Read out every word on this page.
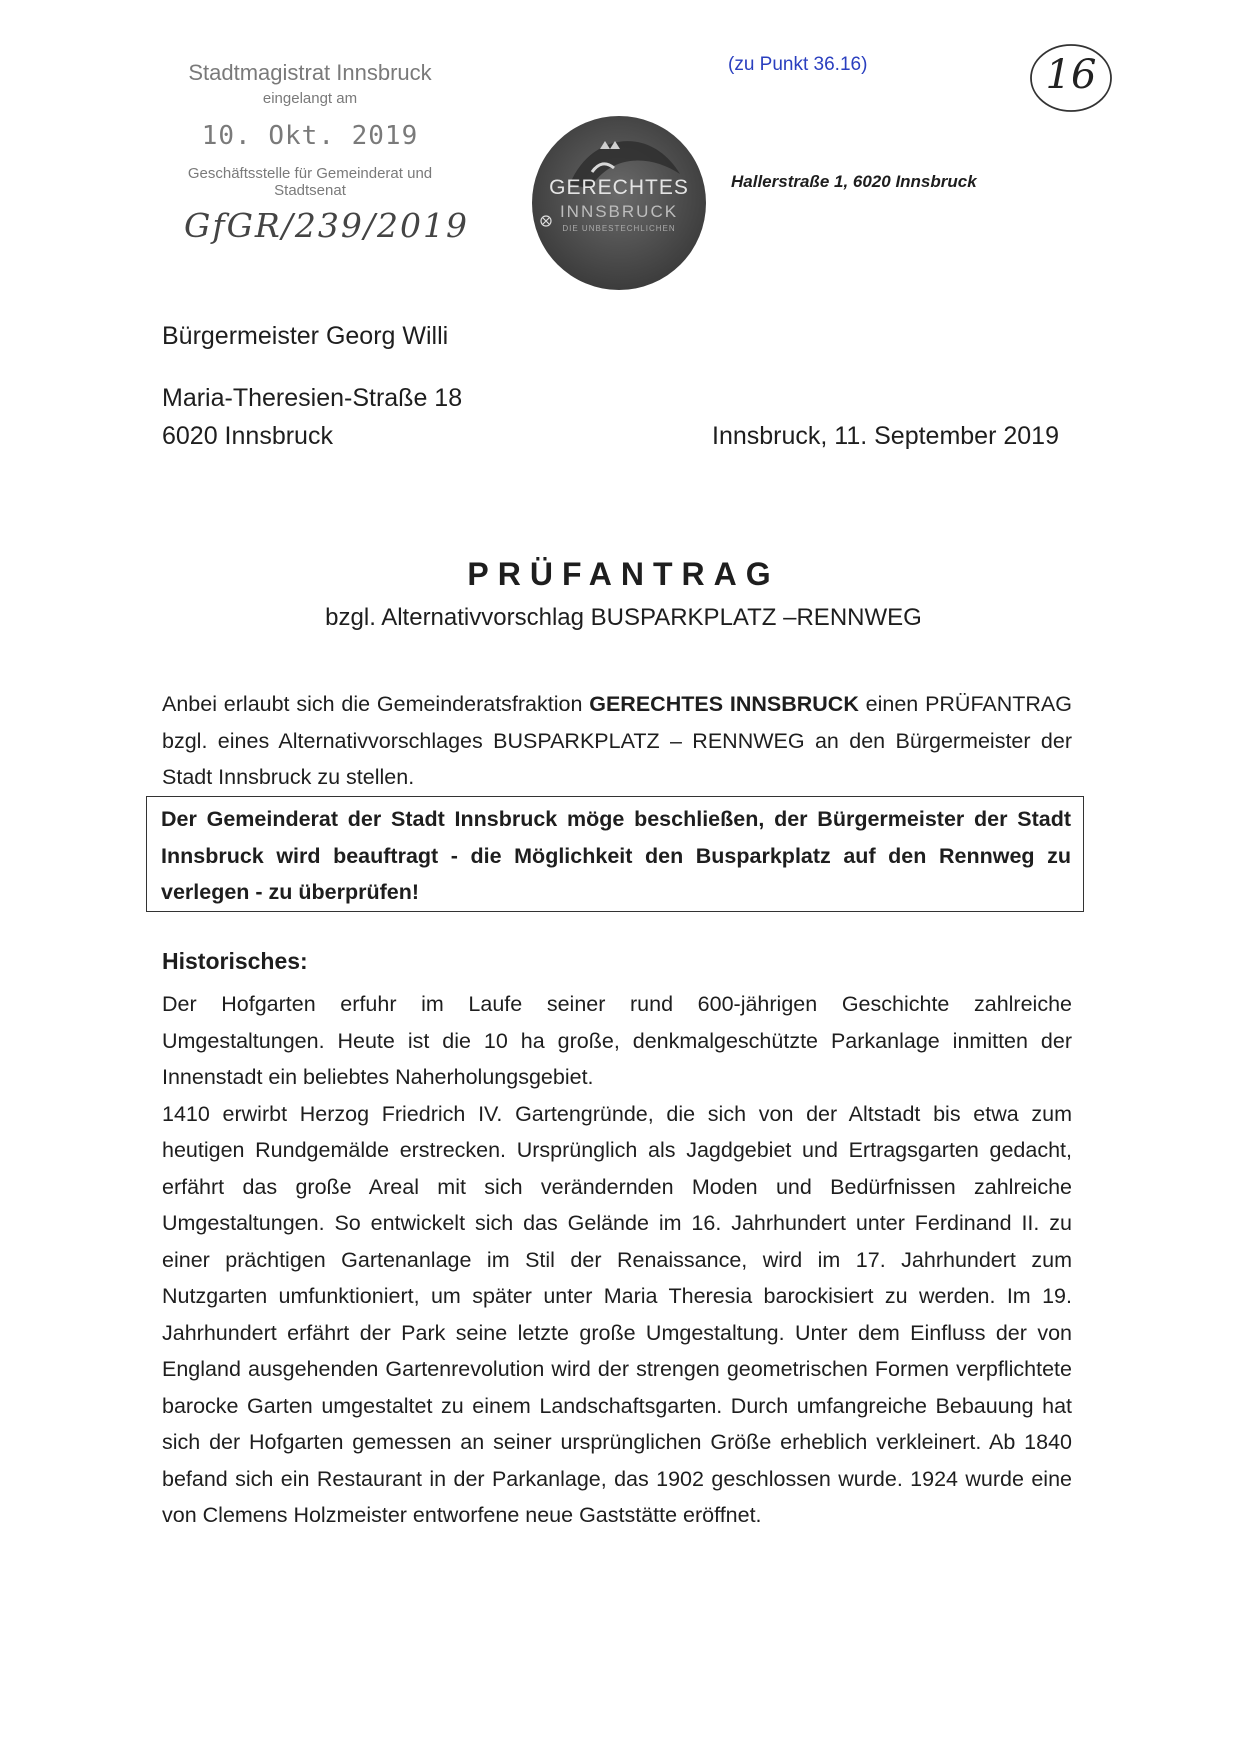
Stadtmagistrat Innsbruck
eingelangt am
10. Okt. 2019
Geschäftsstelle für Gemeinderat und Stadtsenat
GfGR/239/2019
(zu Punkt 36.16)	16
GERECHTES
INNSBRUCK
DIE UNBESTECHLICHEN
Hallerstraße 1, 6020 Innsbruck
Bürgermeister Georg Willi
Maria-Theresien-Straße 18
6020 Innsbruck	Innsbruck, 11. September 2019
PRÜFANTRAG
bzgl. Alternativvorschlag BUSPARKPLATZ –RENNWEG
Anbei erlaubt sich die Gemeinderatsfraktion GERECHTES INNSBRUCK einen PRÜFANTRAG bzgl. eines Alternativvorschlages BUSPARKPLATZ – RENNWEG an den Bürgermeister der Stadt Innsbruck zu stellen.
Der Gemeinderat der Stadt Innsbruck möge beschließen, der Bürgermeister der Stadt Innsbruck wird beauftragt - die Möglichkeit den Busparkplatz auf den Rennweg zu verlegen - zu überprüfen!
Historisches:

Der Hofgarten erfuhr im Laufe seiner rund 600-jährigen Geschichte zahlreiche Umgestaltungen. Heute ist die 10 ha große, denkmalgeschützte Parkanlage inmitten der Innenstadt ein beliebtes Naherholungsgebiet.

1410 erwirbt Herzog Friedrich IV. Gartengründe, die sich von der Altstadt bis etwa zum heutigen Rundgemälde erstrecken. Ursprünglich als Jagdgebiet und Ertragsgarten gedacht, erfährt das große Areal mit sich verändernden Moden und Bedürfnissen zahlreiche Umgestaltungen. So entwickelt sich das Gelände im 16. Jahrhundert unter Ferdinand II. zu einer prächtigen Gartenanlage im Stil der Renaissance, wird im 17. Jahrhundert zum Nutzgarten umfunktioniert, um später unter Maria Theresia barockisiert zu werden. Im 19. Jahrhundert erfährt der Park seine letzte große Umgestaltung. Unter dem Einfluss der von England ausgehenden Gartenrevolution wird der strengen geometrischen Formen verpflichtete barocke Garten umgestaltet zu einem Landschaftsgarten. Durch umfangreiche Bebauung hat sich der Hofgarten gemessen an seiner ursprünglichen Größe erheblich verkleinert. Ab 1840 befand sich ein Restaurant in der Parkanlage, das 1902 geschlossen wurde. 1924 wurde eine von Clemens Holzmeister entworfene neue Gaststätte eröffnet.
